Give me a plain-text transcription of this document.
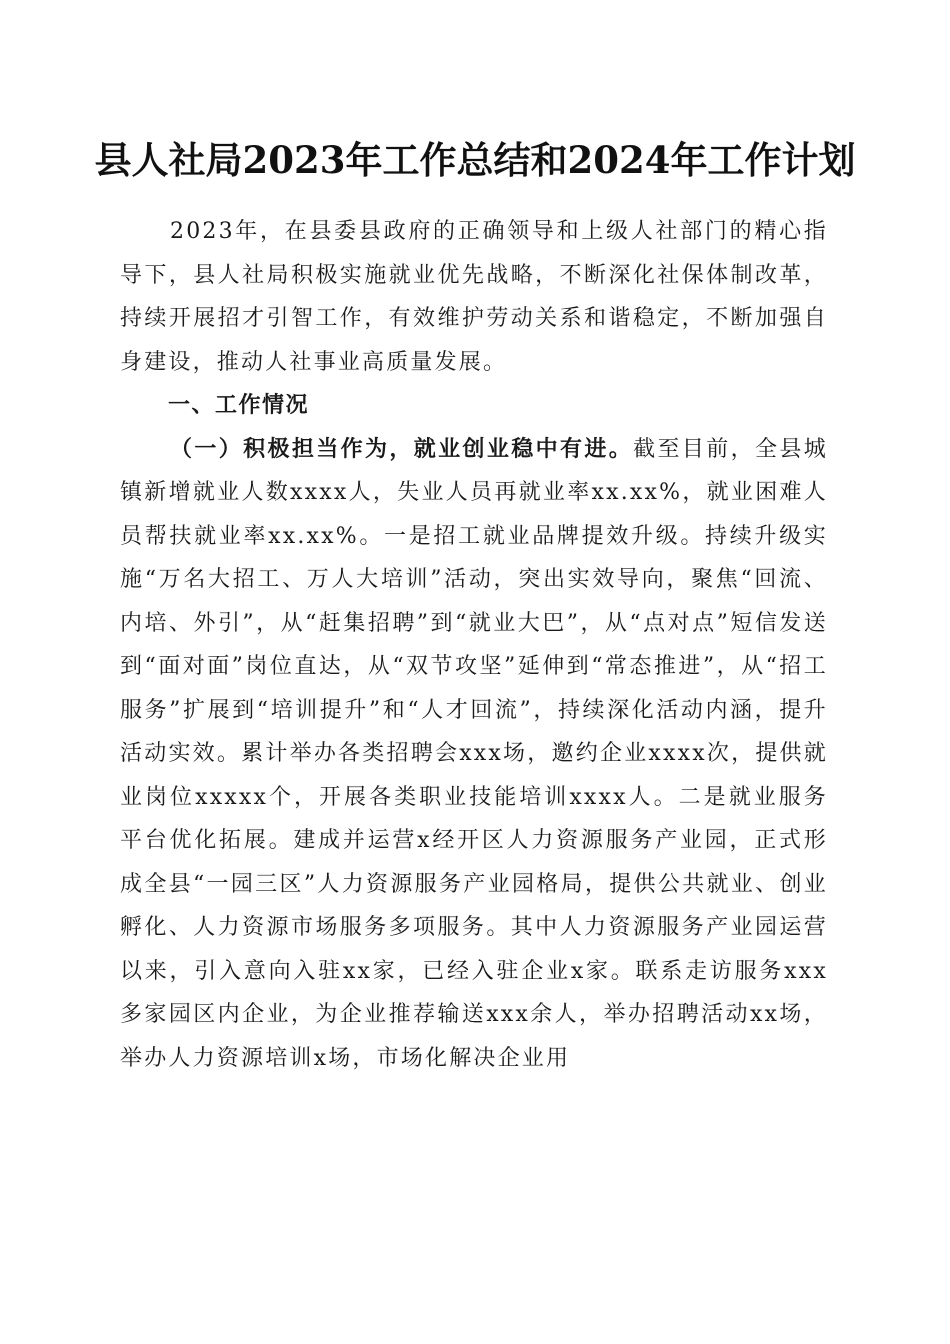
县人社局2023年工作总结和2024年工作计划

2023年，在县委县政府的正确领导和上级人社部门的精心指导下，县人社局积极实施就业优先战略，不断深化社保体制改革，持续开展招才引智工作，有效维护劳动关系和谐稳定，不断加强自身建设，推动人社事业高质量发展。

一、工作情况

（一）积极担当作为，就业创业稳中有进。截至目前，全县城镇新增就业人数xxxx人，失业人员再就业率xx.xx%，就业困难人员帮扶就业率xx.xx%。一是招工就业品牌提效升级。持续升级实施“万名大招工、万人大培训”活动，突出实效导向，聚焦“回流、内培、外引”，从“赶集招聘”到“就业大巴”，从“点对点”短信发送到“面对面”岗位直达，从“双节攻坚”延伸到“常态推进”，从“招工服务”扩展到“培训提升”和“人才回流”，持续深化活动内涵，提升活动实效。累计举办各类招聘会xxx场，邀约企业xxxx次，提供就业岗位xxxxx个，开展各类职业技能培训xxxx人。二是就业服务平台优化拓展。建成并运营x经开区人力资源服务产业园，正式形成全县“一园三区”人力资源服务产业园格局，提供公共就业、创业孵化、人力资源市场服务多项服务。其中人力资源服务产业园运营以来，引入意向入驻xx家，已经入驻企业x家。联系走访服务xxx多家园区内企业，为企业推荐输送xxx余人，举办招聘活动xx场，举办人力资源培训x场，市场化解决企业用
